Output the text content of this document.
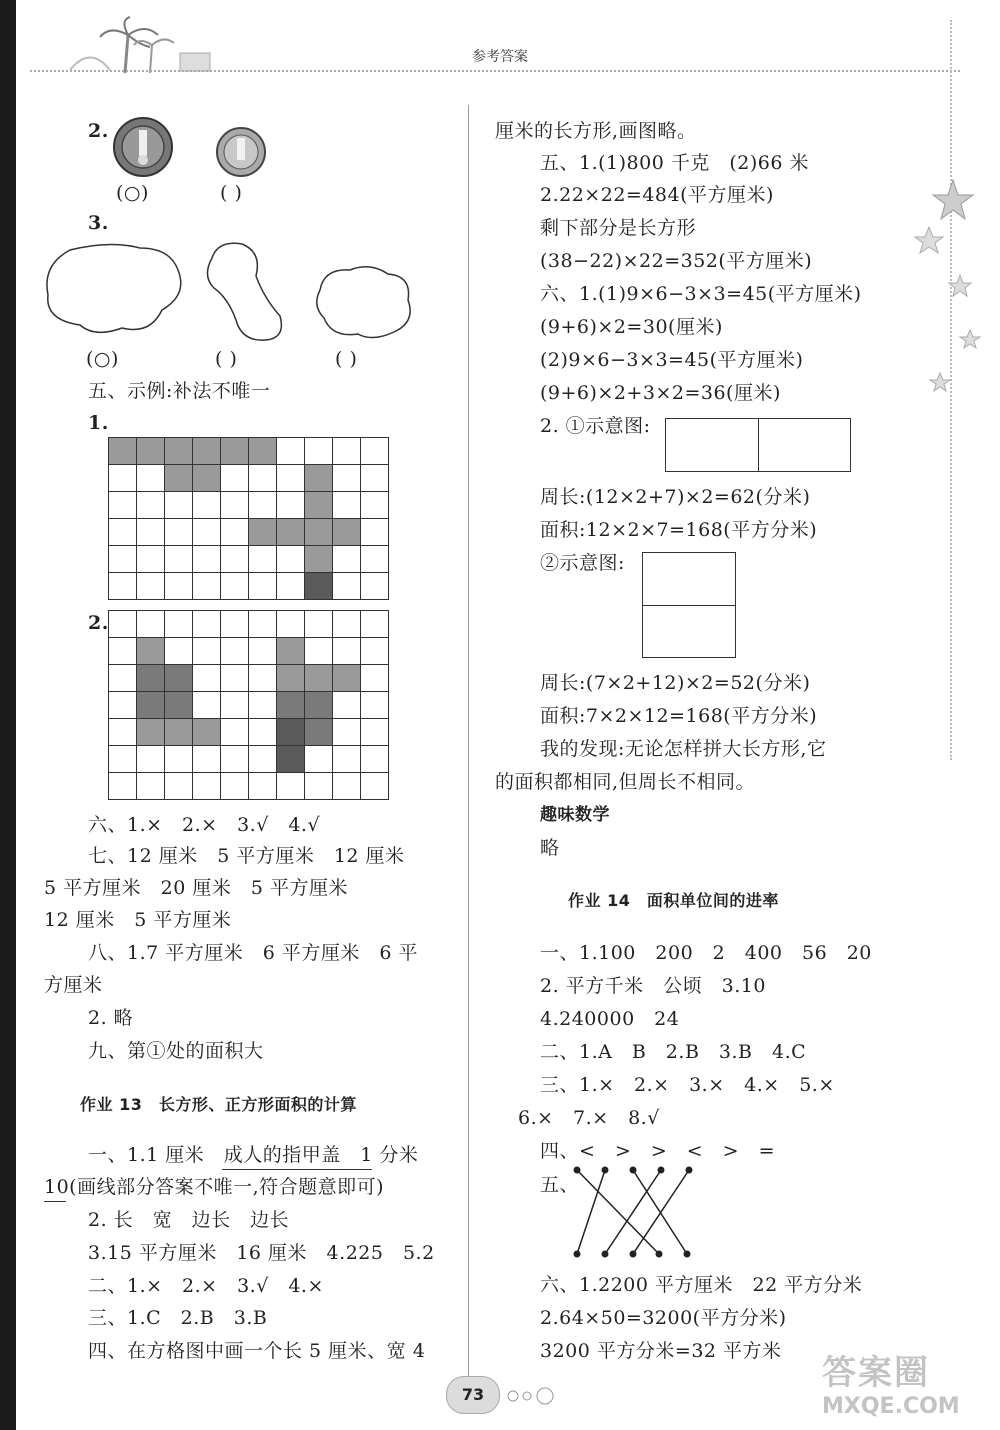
参考答案
2.
(○)	( )
3.
(○)	( )	( )
五、示例:补法不唯一
1.
2.
六、1.×　2.×　3.√　4.√
七、12 厘米　5 平方厘米　12 厘米
5 平方厘米　20 厘米　5 平方厘米
12 厘米　5 平方厘米
八、1.7 平方厘米　6 平方厘米　6 平
方厘米
2. 略
九、第①处的面积大
作业 13　长方形、正方形面积的计算
一、1.1 厘米　成人的指甲盖　1 分米
10(画线部分答案不唯一,符合题意即可)
2. 长　宽　边长　边长
3.15 平方厘米　16 厘米　4.225　5.2
二、1.×　2.×　3.√　4.×
三、1.C　2.B　3.B
四、在方格图中画一个长 5 厘米、宽 4
厘米的长方形,画图略。
五、1.(1)800 千克　(2)66 米
2.22×22=484(平方厘米)
剩下部分是长方形
(38−22)×22=352(平方厘米)
六、1.(1)9×6−3×3=45(平方厘米)
(9+6)×2=30(厘米)
(2)9×6−3×3=45(平方厘米)
(9+6)×2+3×2=36(厘米)
2. ①示意图:
周长:(12×2+7)×2=62(分米)
面积:12×2×7=168(平方分米)
②示意图:
周长:(7×2+12)×2=52(分米)
面积:7×2×12=168(平方分米)
我的发现:无论怎样拼大长方形,它
的面积都相同,但周长不相同。
趣味数学
略
作业 14　面积单位间的进率
一、1.100　200　2　400　56　20
2. 平方千米　公顷　3.10
4.240000　24
二、1.A　B　2.B　3.B　4.C
三、1.×　2.×　3.×　4.×　5.×
6.×　7.×　8.√
四、<　>　>　<　>　=
五、
六、1.2200 平方厘米　22 平方分米
2.64×50=3200(平方分米)
3200 平方分米=32 平方米
73
答案圈
MXQE.COM
